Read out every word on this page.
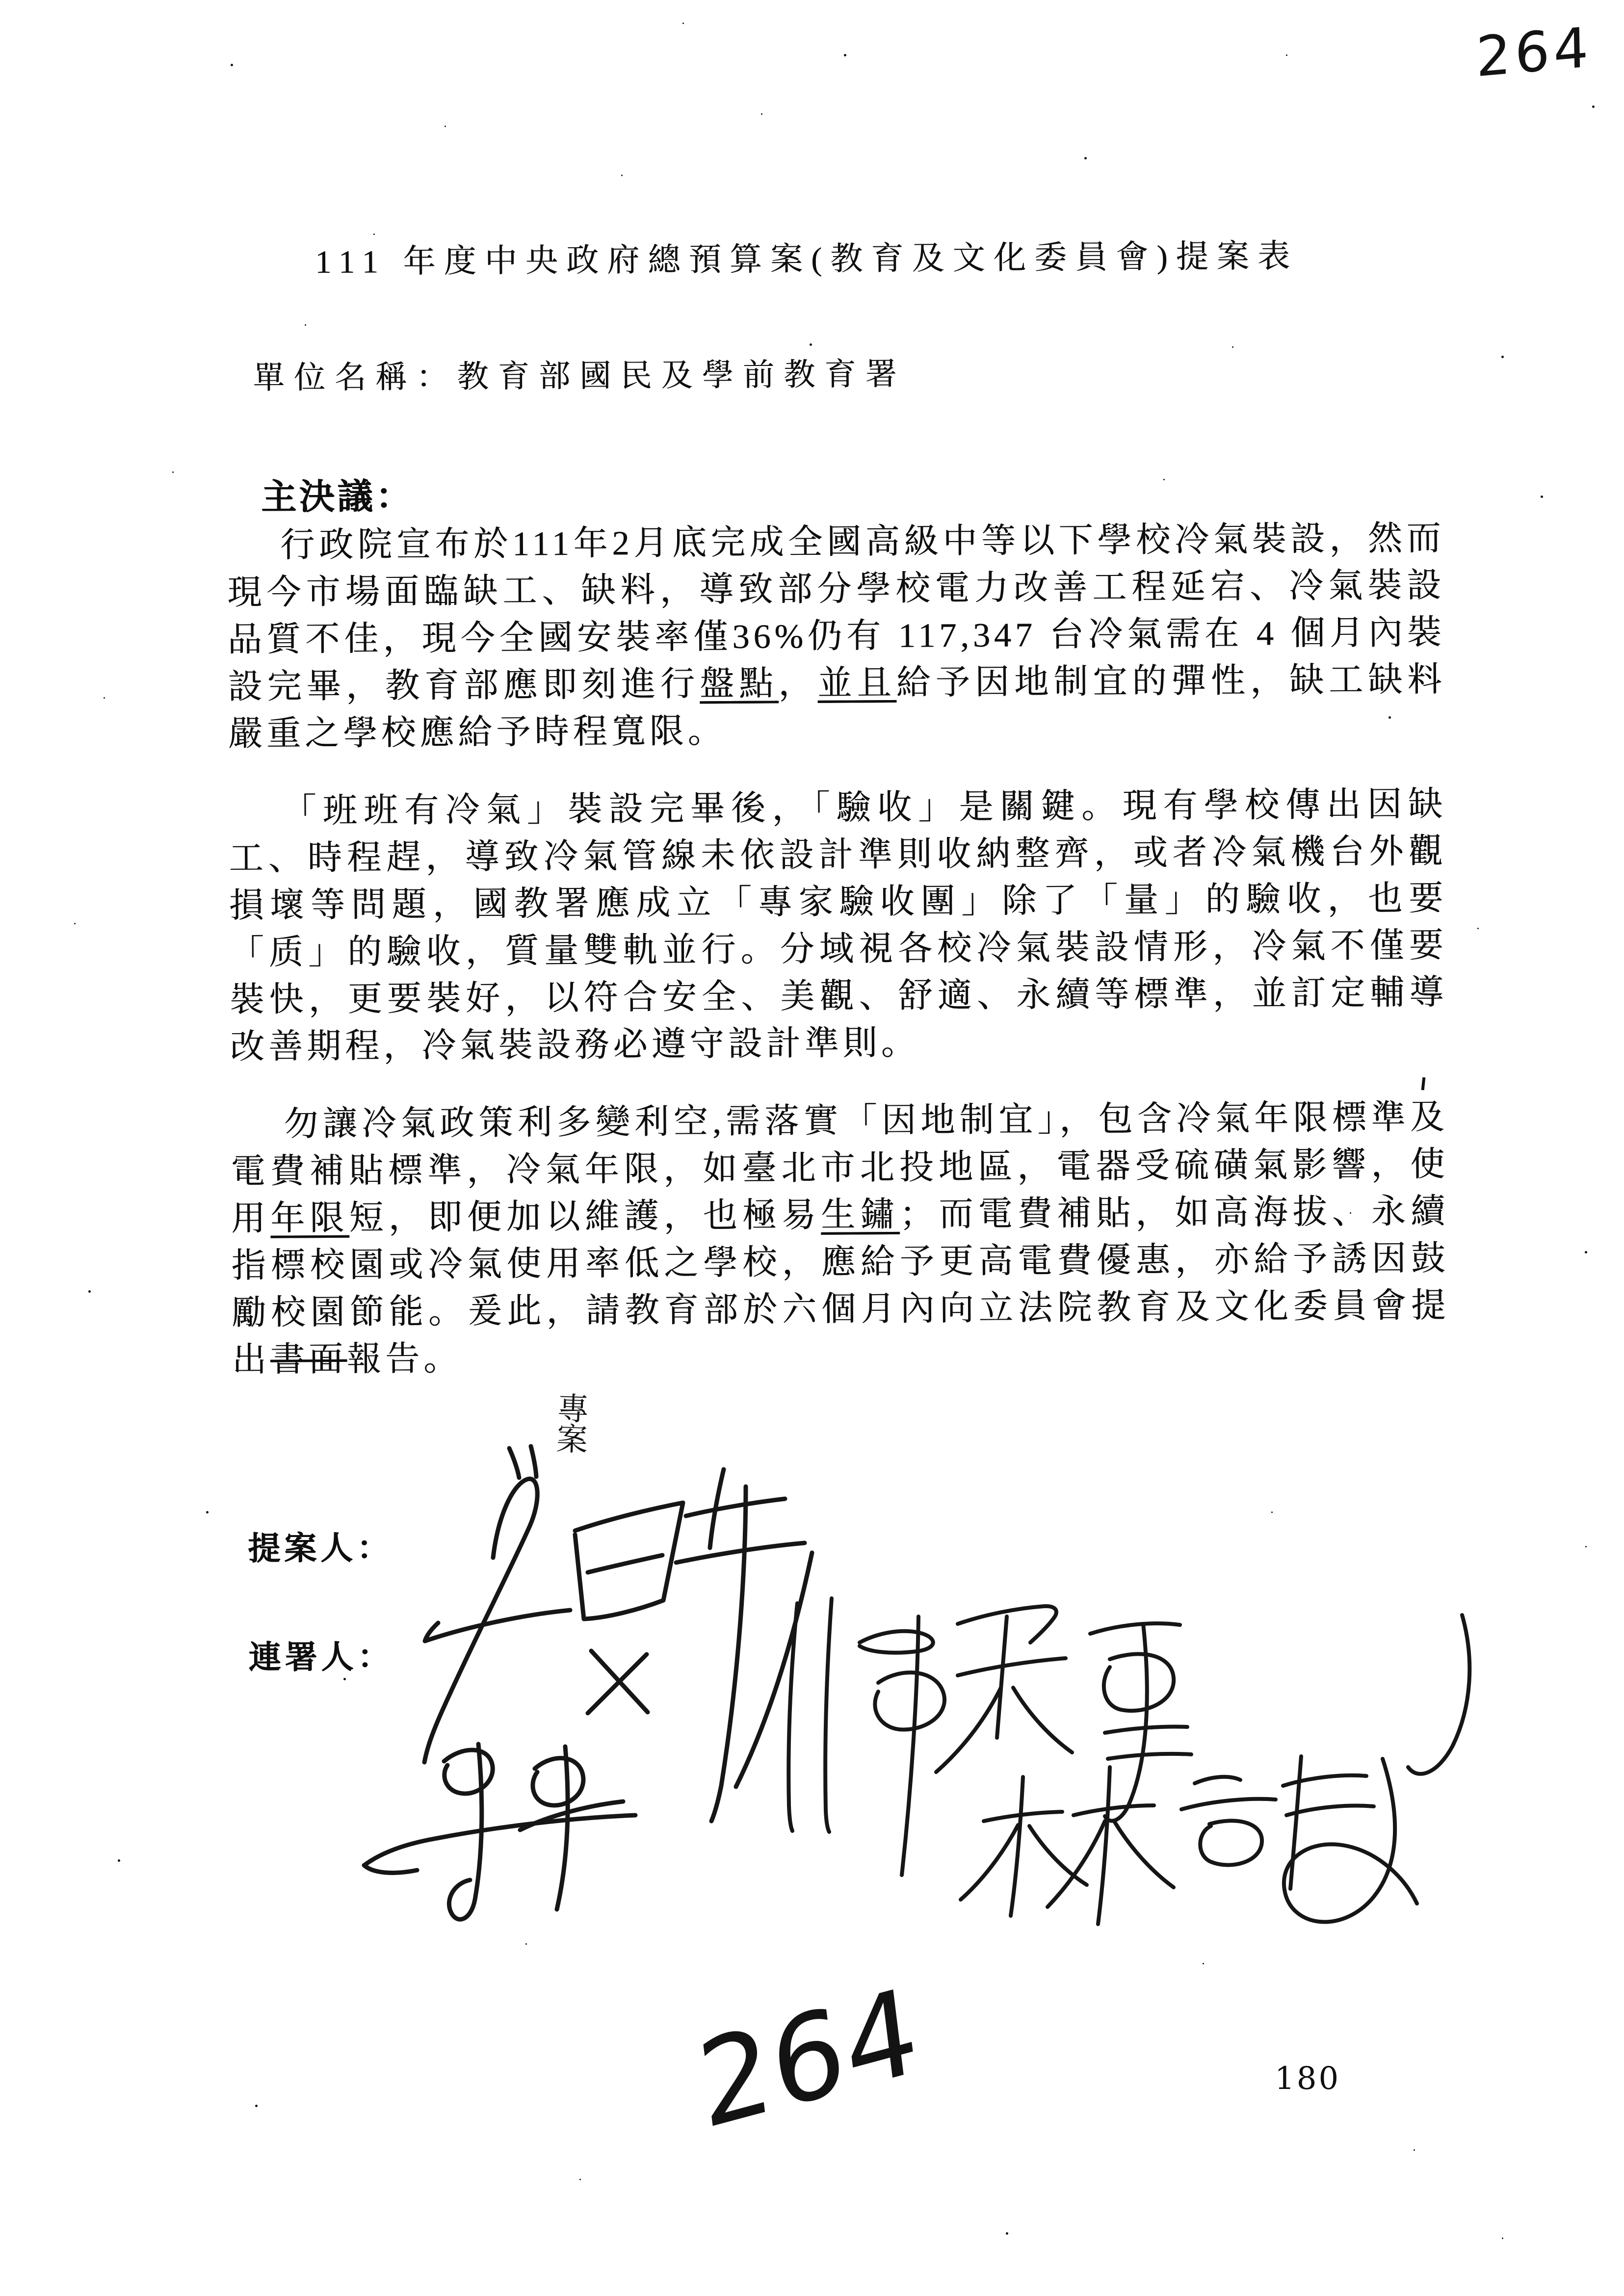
264
111 年度中央政府總預算案(教育及文化委員會)提案表
單位名稱：教育部國民及學前教育署
主決議：

行政院宣布於111年2月底完成全國高級中等以下學校冷氣裝設，然而現今市場面臨缺工、缺料，導致部分學校電力改善工程延宕、冷氣裝設品質不佳，現今全國安裝率僅36%仍有 117,347 台冷氣需在 4 個月內裝設完畢，教育部應即刻進行盤點，並且給予因地制宜的彈性，缺工缺料嚴重之學校應給予時程寬限。

「班班有冷氣」裝設完畢後，「驗收」是關鍵。現有學校傳出因缺工、時程趕，導致冷氣管線未依設計準則收納整齊，或者冷氣機台外觀損壞等問題，國教署應成立「專家驗收團」除了「量」的驗收，也要「质」的驗收，質量雙軌並行。分域視各校冷氣裝設情形，冷氣不僅要裝快，更要裝好，以符合安全、美觀、舒適、永續等標準，並訂定輔導改善期程，冷氣裝設務必遵守設計準則。

勿讓冷氣政策利多變利空,需落實「因地制宜」，包含冷氣年限標準及電費補貼標準，冷氣年限，如臺北市北投地區，電器受硫磺氣影響，使用年限短，即便加以維護，也極易生鏽；而電費補貼，如高海拔、永續指標校園或冷氣使用率低之學校，應給予更高電費優惠，亦給予誘因鼓勵校園節能。爰此，請教育部於六個月內向立法院教育及文化委員會提出書面報告。

提案人：
連署人：
專案
264	180
